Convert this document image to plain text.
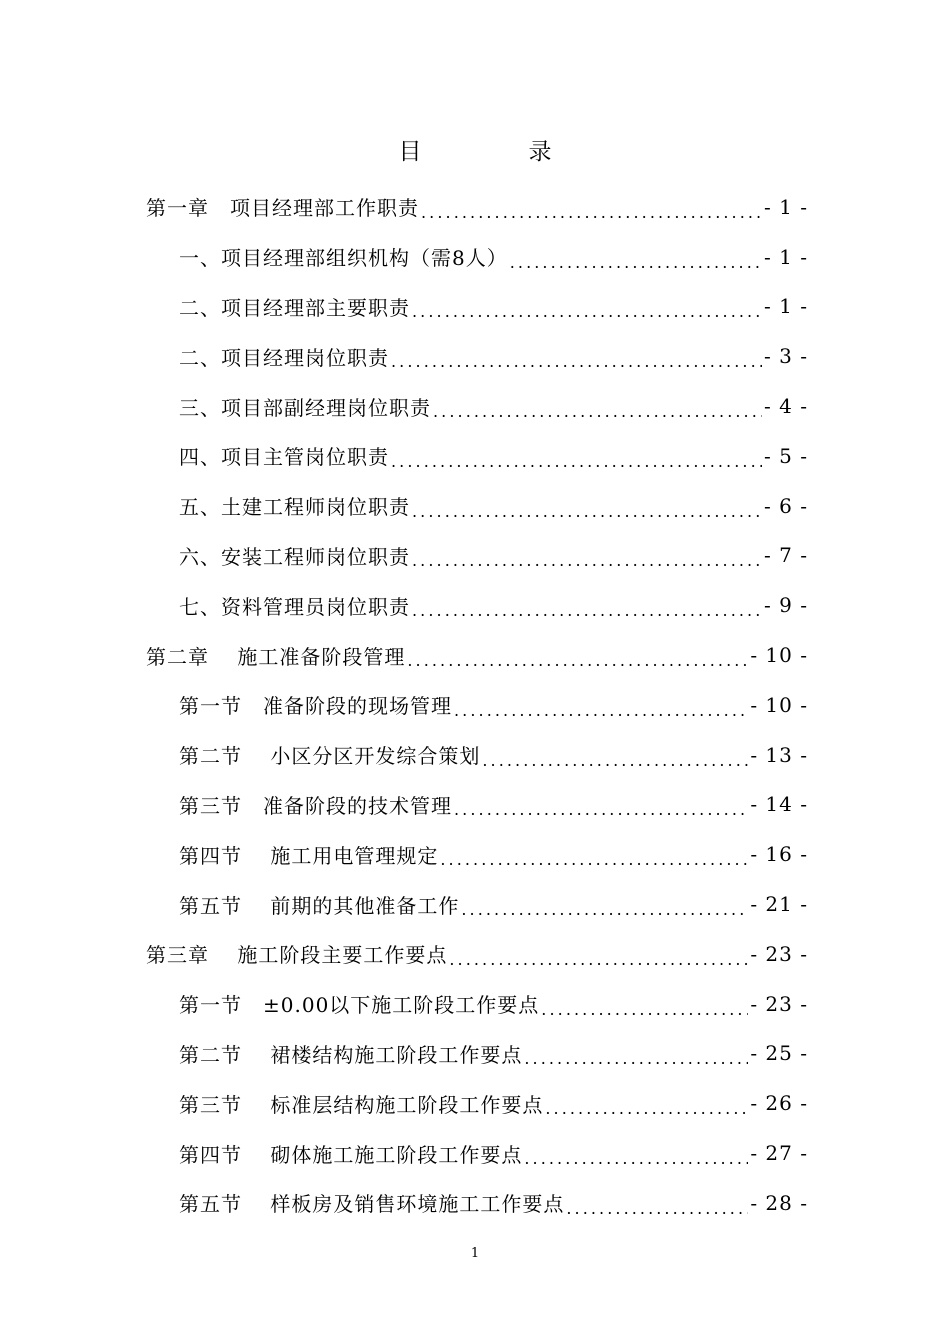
目　录
第一章　项目经理部工作职责 . . .	- 1 -
一、项目经理部组织机构（需8人） . . .	- 1 -
二、项目经理部主要职责 . . .	- 1 -
二、项目经理岗位职责 . . .	- 3 -
三、项目部副经理岗位职责 . . .	- 4 -
四、项目主管岗位职责 . . .	- 5 -
五、土建工程师岗位职责 . . .	- 6 -
六、安装工程师岗位职责 . . .	- 7 -
七、资料管理员岗位职责 . . .	- 9 -
第二章　 施工准备阶段管理 . . .	- 10 -
第一节　准备阶段的现场管理 . . .	- 10 -
第二节　 小区分区开发综合策划 . . .	- 13 -
第三节　准备阶段的技术管理 . . .	- 14 -
第四节　 施工用电管理规定 . . .	- 16 -
第五节　 前期的其他准备工作 . . .	- 21 -
第三章　 施工阶段主要工作要点 . . .	- 23 -
第一节　±0.00以下施工阶段工作要点 . . .	- 23 -
第二节　 裙楼结构施工阶段工作要点 . . .	- 25 -
第三节　 标准层结构施工阶段工作要点 . . .	- 26 -
第四节　 砌体施工施工阶段工作要点 . . .	- 27 -
第五节　 样板房及销售环境施工工作要点 . . .	- 28 -
1
